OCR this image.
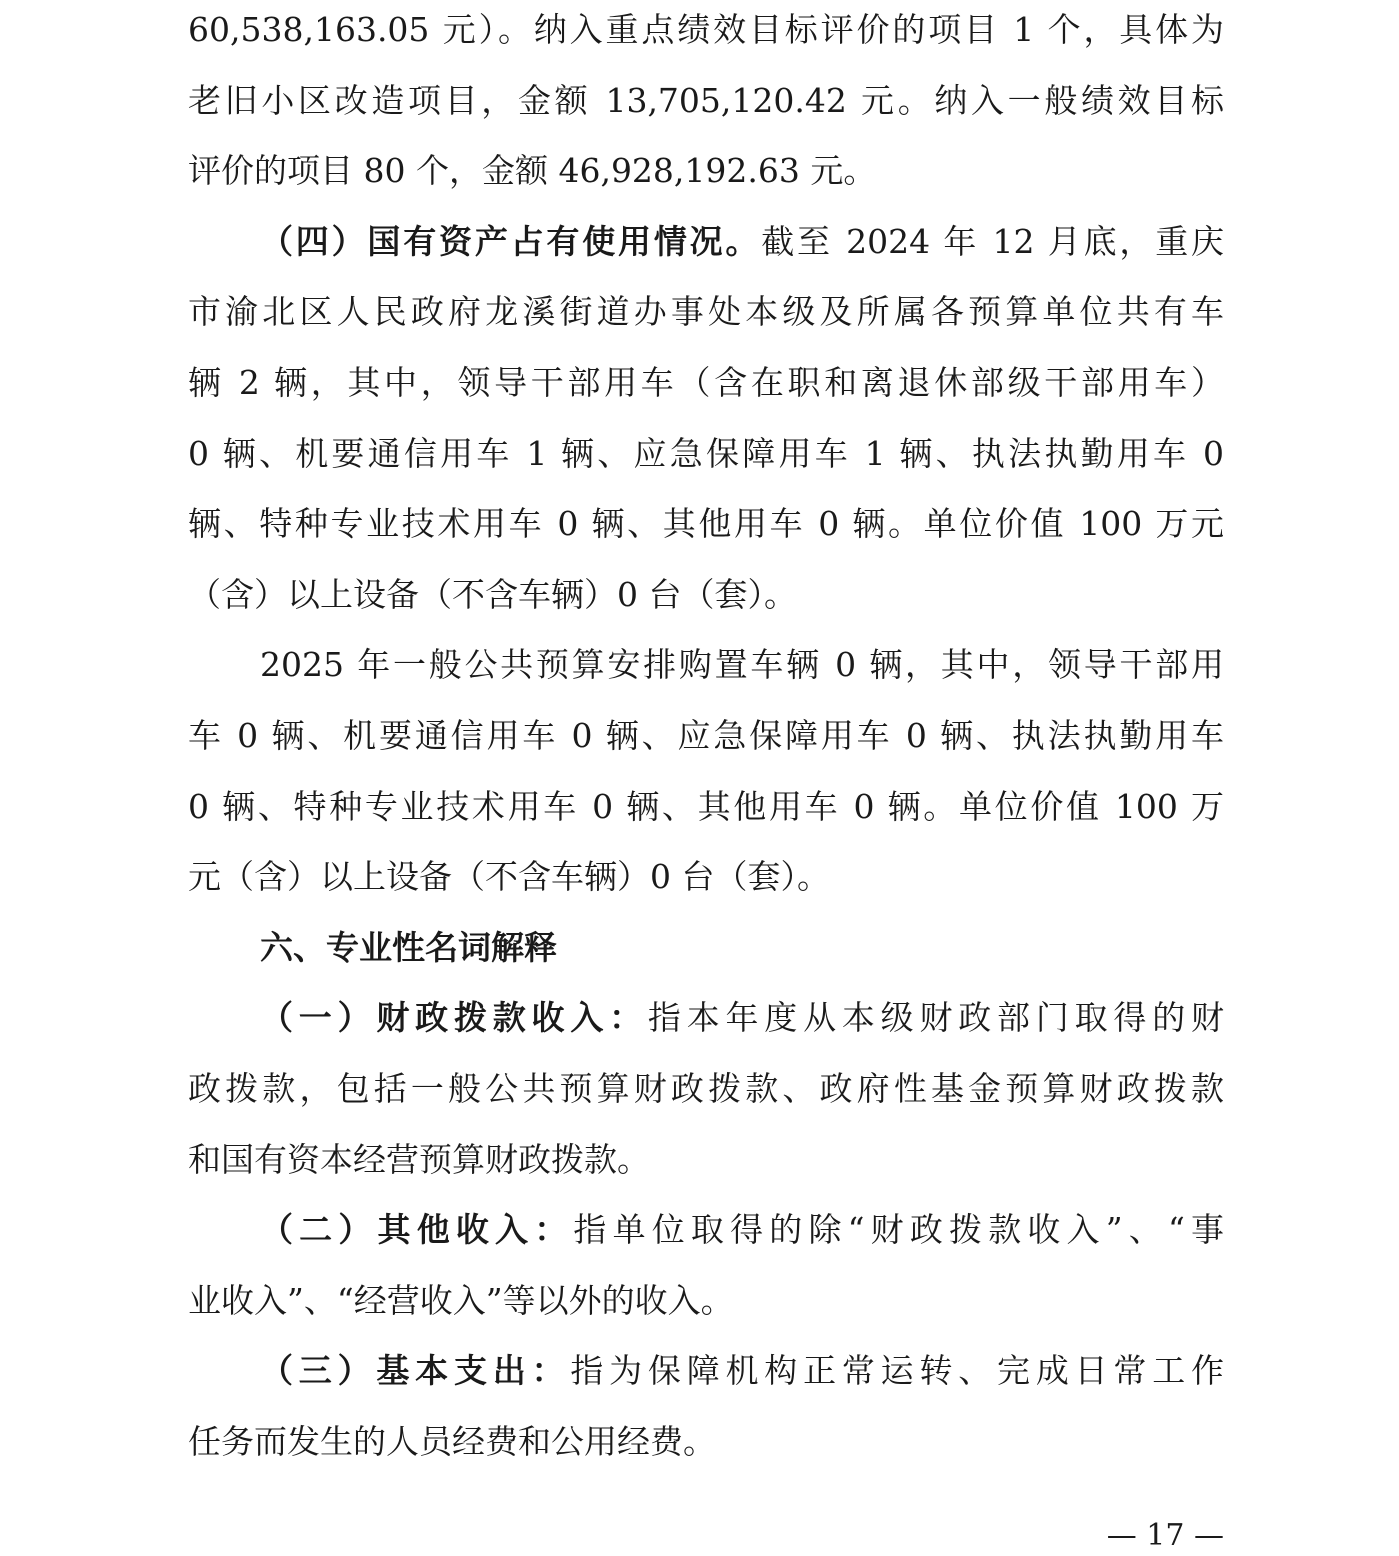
60,538,163.05 元）。纳入重点绩效目标评价的项目 1 个，具体为
老旧小区改造项目，金额 13,705,120.42 元。纳入一般绩效目标
评价的项目 80 个，金额 46,928,192.63 元。
（四）国有资产占有使用情况。截至 2024 年 12 月底，重庆
市渝北区人民政府龙溪街道办事处本级及所属各预算单位共有车
辆 2 辆，其中，领导干部用车（含在职和离退休部级干部用车）
0 辆、机要通信用车 1 辆、应急保障用车 1 辆、执法执勤用车 0
辆、特种专业技术用车 0 辆、其他用车 0 辆。单位价值 100 万元
（含）以上设备（不含车辆）0 台（套）。
2025 年一般公共预算安排购置车辆 0 辆，其中，领导干部用
车 0 辆、机要通信用车 0 辆、应急保障用车 0 辆、执法执勤用车
0 辆、特种专业技术用车 0 辆、其他用车 0 辆。单位价值 100 万
元（含）以上设备（不含车辆）0 台（套）。
六、专业性名词解释
（一）财政拨款收入：指本年度从本级财政部门取得的财
政拨款，包括一般公共预算财政拨款、政府性基金预算财政拨款
和国有资本经营预算财政拨款。
（二）其他收入：指单位取得的除“财政拨款收入”、“事
业收入”、“经营收入”等以外的收入。
（三）基本支出：指为保障机构正常运转、完成日常工作
任务而发生的人员经费和公用经费。
— 17 —
